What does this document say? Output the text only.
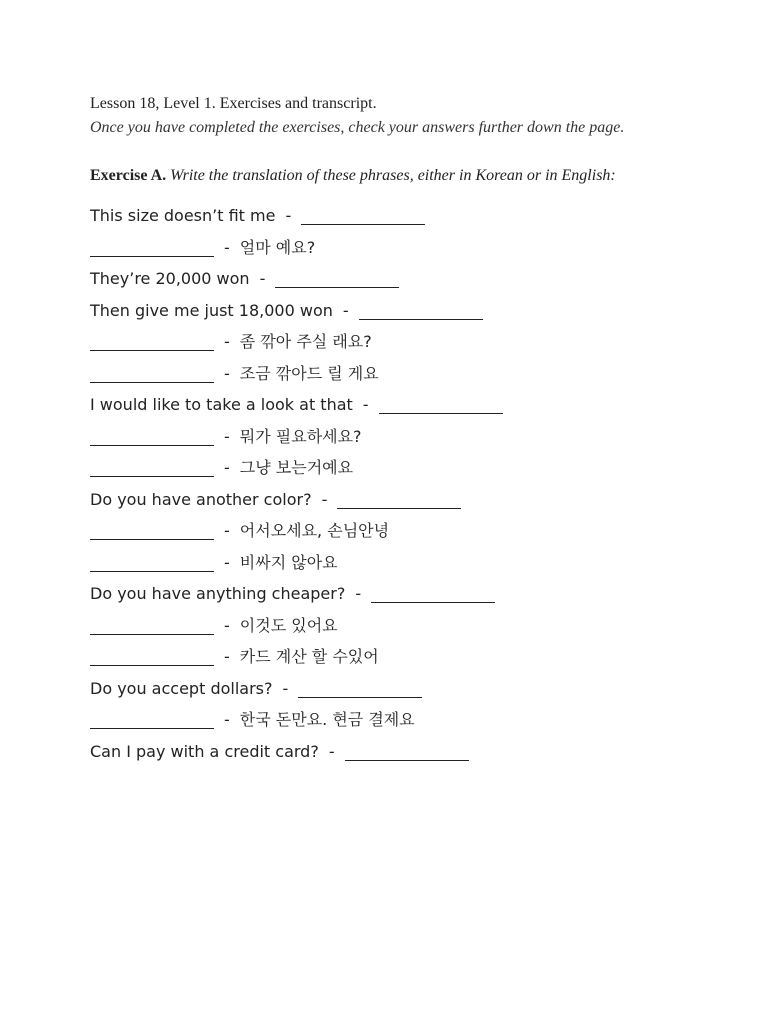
Lesson 18, Level 1. Exercises and transcript.

Once you have completed the exercises, check your answers further down the page.

Exercise A. Write the translation of these phrases, either in Korean or in English:

This size doesn’t fit me -
- 얼마 예요?
They’re 20,000 won -
Then give me just 18,000 won -
- 좀 깎아 주실 래요?
- 조금 깎아드 릴 게요
I would like to take a look at that -
- 뭐가 필요하세요?
- 그냥 보는거예요
Do you have another color? -
- 어서오세요, 손님안녕
- 비싸지 않아요
Do you have anything cheaper? -
- 이것도 있어요
- 카드 계산 할 수있어
Do you accept dollars? -
- 한국 돈만요. 현금 결제요
Can I pay with a credit card? -
